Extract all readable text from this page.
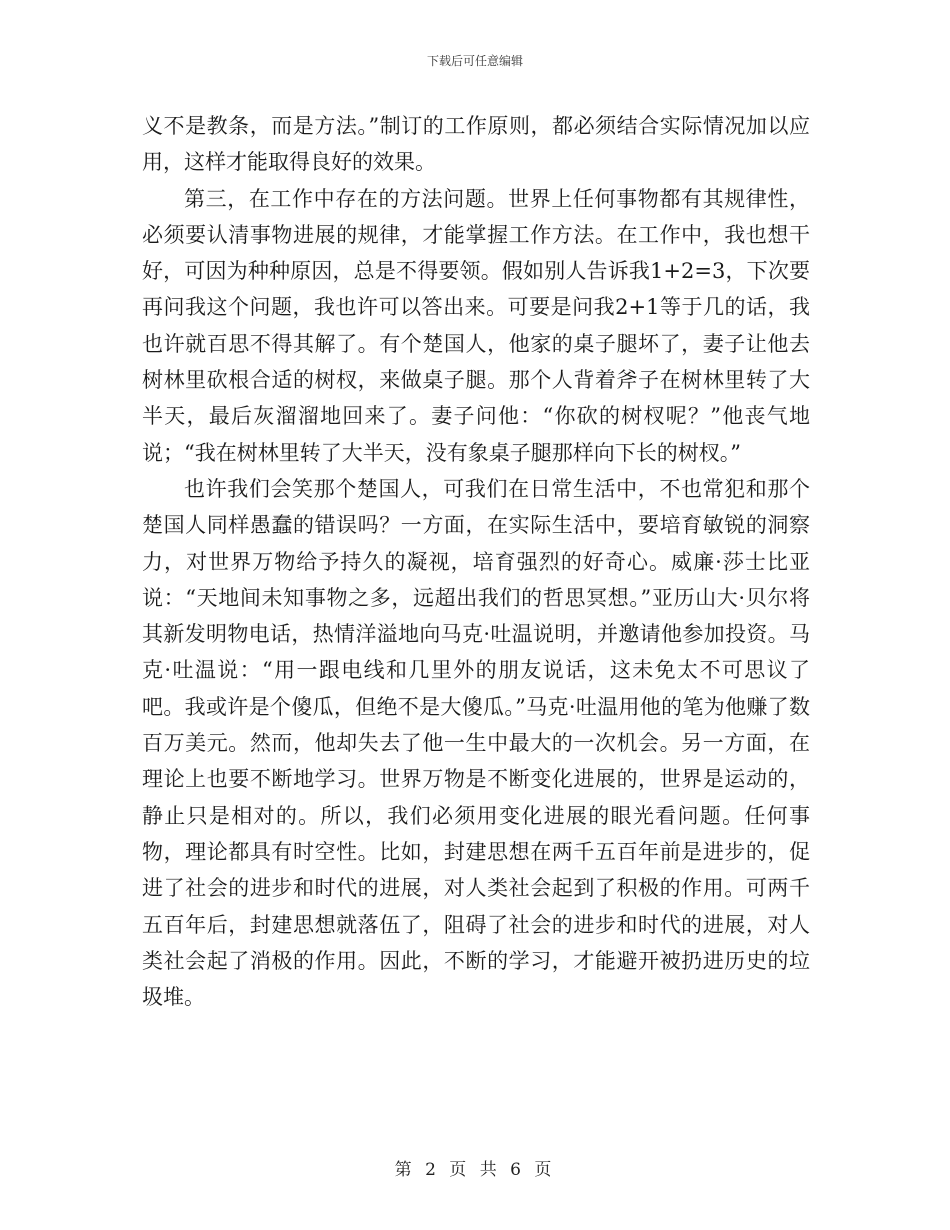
下载后可任意编辑

义不是教条，而是方法。”制订的工作原则，都必须结合实际情况加以应用，这样才能取得良好的效果。

第三，在工作中存在的方法问题。世界上任何事物都有其规律性，必须要认清事物进展的规律，才能掌握工作方法。在工作中，我也想干好，可因为种种原因，总是不得要领。假如别人告诉我1+2=3，下次要再问我这个问题，我也许可以答出来。可要是问我2+1等于几的话，我也许就百思不得其解了。有个楚国人，他家的桌子腿坏了，妻子让他去树林里砍根合适的树杈，来做桌子腿。那个人背着斧子在树林里转了大半天，最后灰溜溜地回来了。妻子问他：“你砍的树杈呢？”他丧气地说；“我在树林里转了大半天，没有象桌子腿那样向下长的树杈。”

也许我们会笑那个楚国人，可我们在日常生活中，不也常犯和那个楚国人同样愚蠢的错误吗？一方面，在实际生活中，要培育敏锐的洞察力，对世界万物给予持久的凝视，培育强烈的好奇心。威廉·莎士比亚说：“天地间未知事物之多，远超出我们的哲思冥想。”亚历山大·贝尔将其新发明物电话，热情洋溢地向马克·吐温说明，并邀请他参加投资。马克·吐温说：“用一跟电线和几里外的朋友说话，这未免太不可思议了吧。我或许是个傻瓜，但绝不是大傻瓜。”马克·吐温用他的笔为他赚了数百万美元。然而，他却失去了他一生中最大的一次机会。另一方面，在理论上也要不断地学习。世界万物是不断变化进展的，世界是运动的，静止只是相对的。所以，我们必须用变化进展的眼光看问题。任何事物，理论都具有时空性。比如，封建思想在两千五百年前是进步的，促进了社会的进步和时代的进展，对人类社会起到了积极的作用。可两千五百年后，封建思想就落伍了，阻碍了社会的进步和时代的进展，对人类社会起了消极的作用。因此，不断的学习，才能避开被扔进历史的垃圾堆。

第 2 页 共 6 页
